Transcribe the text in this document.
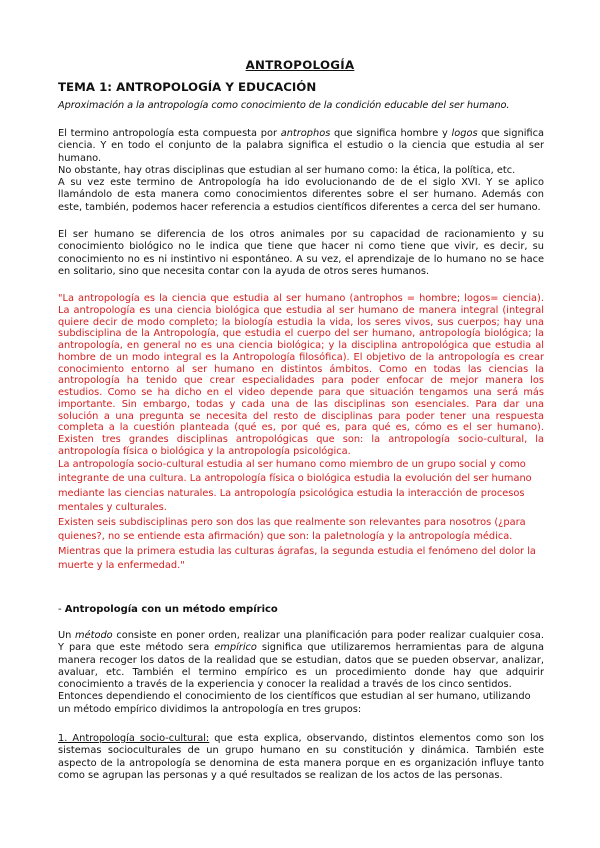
ANTROPOLOGÍA
TEMA 1: ANTROPOLOGÍA Y EDUCACIÓN
Aproximación a la antropología como conocimiento de la condición educable del ser humano.

El termino antropología esta compuesta por antrophos que significa hombre y logos que significa ciencia. Y en todo el conjunto de la palabra significa el estudio o la ciencia que estudia al ser humano.

No obstante, hay otras disciplinas que estudian al ser humano como: la ética, la política, etc.

A su vez este termino de Antropología ha ido evolucionando de de el siglo XVI. Y se aplico llamándolo de esta manera como conocimientos diferentes sobre el ser humano. Además con este, también, podemos hacer referencia a estudios científicos diferentes a cerca del ser humano.

El ser humano se diferencia de los otros animales por su capacidad de racionamiento y su conocimiento biológico no le indica que tiene que hacer ni como tiene que vivir, es decir, su conocimiento no es ni instintivo ni espontáneo. A su vez, el aprendizaje de lo humano no se hace en solitario, sino que necesita contar con la ayuda de otros seres humanos.

"La antropología es la ciencia que estudia al ser humano (antrophos = hombre; logos= ciencia). La antropología es una ciencia biológica que estudia al ser humano de manera integral (integral quiere decir de modo completo; la biología estudia la vida, los seres vivos, sus cuerpos; hay una subdisciplina de la Antropología, que estudia el cuerpo del ser humano, antropología biológica; la antropología, en general no es una ciencia biológica; y la disciplina antropológica que estudia al hombre de un modo integral es la Antropología filosófica). El objetivo de la antropología es crear conocimiento entorno al ser humano en distintos ámbitos. Como en todas las ciencias la antropología ha tenido que crear especialidades para poder enfocar de mejor manera los estudios. Como se ha dicho en el video depende para que situación tengamos una será más importante. Sin embargo, todas y cada una de las disciplinas son esenciales. Para dar una solución a una pregunta se necesita del resto de disciplinas para poder tener una respuesta completa a la cuestión planteada (qué es, por qué es, para qué es, cómo es el ser humano). Existen tres grandes disciplinas antropológicas que son: la antropología socio-cultural, la antropología física o biológica y la antropología psicológica.

La antropología socio-cultural estudia al ser humano como miembro de un grupo social y como integrante de una cultura. La antropología física o biológica estudia la evolución del ser humano mediante las ciencias naturales. La antropología psicológica estudia la interacción de procesos mentales y culturales.

Existen seis subdisciplinas pero son dos las que realmente son relevantes para nosotros (¿para quienes?, no se entiende esta afirmación) que son: la paletnología y la antropología médica. Mientras que la primera estudia las culturas ágrafas, la segunda estudia el fenómeno del dolor la muerte y la enfermedad."

- Antropología con un método empírico

Un método consiste en poner orden, realizar una planificación para poder realizar cualquier cosa. Y para que este método sera empírico significa que utilizaremos herramientas para de alguna manera recoger los datos de la realidad que se estudian, datos que se pueden observar, analizar, avaluar, etc. También el termino empírico es un procedimiento donde hay que adquirir conocimiento a través de la experiencia y conocer la realidad a través de los cinco sentidos.

Entonces dependiendo el conocimiento de los científicos que estudian al ser humano, utilizando un método empírico dividimos la antropología en tres grupos:

1. Antropología socio-cultural: que esta explica, observando, distintos elementos como son los sistemas socioculturales de un grupo humano en su constitución y dinámica. También este aspecto de la antropología se denomina de esta manera porque en es organización influye tanto como se agrupan las personas y a qué resultados se realizan de los actos de las personas.
